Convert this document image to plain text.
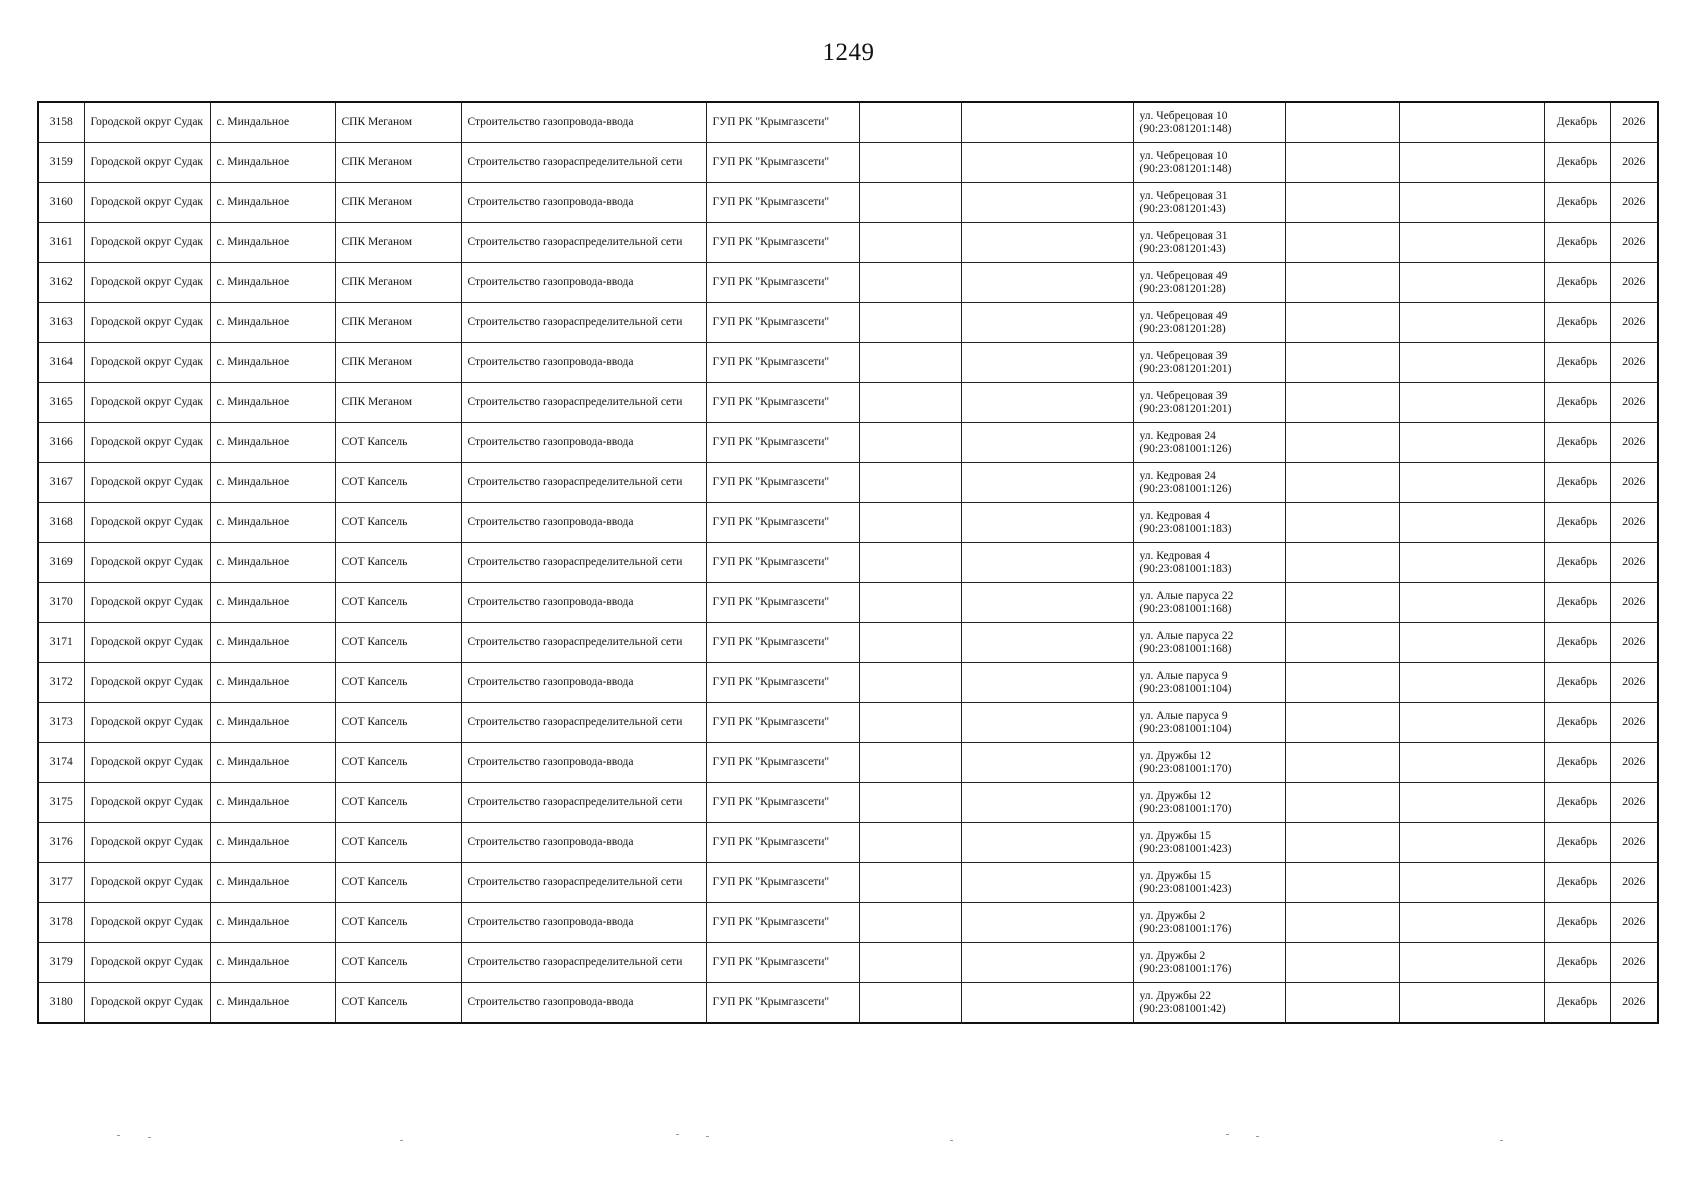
1249
3158	Городской округ Судак	с. Миндальное	СПК Меганом	Строительство газопровода-ввода	ГУП РК "Крымгазсети"			ул. Чебрецовая 10
(90:23:081201:148)			Декабрь	2026
3159	Городской округ Судак	с. Миндальное	СПК Меганом	Строительство газораспределительной сети	ГУП РК "Крымгазсети"			ул. Чебрецовая 10
(90:23:081201:148)			Декабрь	2026
3160	Городской округ Судак	с. Миндальное	СПК Меганом	Строительство газопровода-ввода	ГУП РК "Крымгазсети"			ул. Чебрецовая 31
(90:23:081201:43)			Декабрь	2026
3161	Городской округ Судак	с. Миндальное	СПК Меганом	Строительство газораспределительной сети	ГУП РК "Крымгазсети"			ул. Чебрецовая 31
(90:23:081201:43)			Декабрь	2026
3162	Городской округ Судак	с. Миндальное	СПК Меганом	Строительство газопровода-ввода	ГУП РК "Крымгазсети"			ул. Чебрецовая 49
(90:23:081201:28)			Декабрь	2026
3163	Городской округ Судак	с. Миндальное	СПК Меганом	Строительство газораспределительной сети	ГУП РК "Крымгазсети"			ул. Чебрецовая 49
(90:23:081201:28)			Декабрь	2026
3164	Городской округ Судак	с. Миндальное	СПК Меганом	Строительство газопровода-ввода	ГУП РК "Крымгазсети"			ул. Чебрецовая 39
(90:23:081201:201)			Декабрь	2026
3165	Городской округ Судак	с. Миндальное	СПК Меганом	Строительство газораспределительной сети	ГУП РК "Крымгазсети"			ул. Чебрецовая 39
(90:23:081201:201)			Декабрь	2026
3166	Городской округ Судак	с. Миндальное	СОТ Капсель	Строительство газопровода-ввода	ГУП РК "Крымгазсети"			ул. Кедровая 24
(90:23:081001:126)			Декабрь	2026
3167	Городской округ Судак	с. Миндальное	СОТ Капсель	Строительство газораспределительной сети	ГУП РК "Крымгазсети"			ул. Кедровая 24
(90:23:081001:126)			Декабрь	2026
3168	Городской округ Судак	с. Миндальное	СОТ Капсель	Строительство газопровода-ввода	ГУП РК "Крымгазсети"			ул. Кедровая 4
(90:23:081001:183)			Декабрь	2026
3169	Городской округ Судак	с. Миндальное	СОТ Капсель	Строительство газораспределительной сети	ГУП РК "Крымгазсети"			ул. Кедровая 4
(90:23:081001:183)			Декабрь	2026
3170	Городской округ Судак	с. Миндальное	СОТ Капсель	Строительство газопровода-ввода	ГУП РК "Крымгазсети"			ул. Алые паруса 22
(90:23:081001:168)			Декабрь	2026
3171	Городской округ Судак	с. Миндальное	СОТ Капсель	Строительство газораспределительной сети	ГУП РК "Крымгазсети"			ул. Алые паруса 22
(90:23:081001:168)			Декабрь	2026
3172	Городской округ Судак	с. Миндальное	СОТ Капсель	Строительство газопровода-ввода	ГУП РК "Крымгазсети"			ул. Алые паруса 9
(90:23:081001:104)			Декабрь	2026
3173	Городской округ Судак	с. Миндальное	СОТ Капсель	Строительство газораспределительной сети	ГУП РК "Крымгазсети"			ул. Алые паруса 9
(90:23:081001:104)			Декабрь	2026
3174	Городской округ Судак	с. Миндальное	СОТ Капсель	Строительство газопровода-ввода	ГУП РК "Крымгазсети"			ул. Дружбы 12
(90:23:081001:170)			Декабрь	2026
3175	Городской округ Судак	с. Миндальное	СОТ Капсель	Строительство газораспределительной сети	ГУП РК "Крымгазсети"			ул. Дружбы 12
(90:23:081001:170)			Декабрь	2026
3176	Городской округ Судак	с. Миндальное	СОТ Капсель	Строительство газопровода-ввода	ГУП РК "Крымгазсети"			ул. Дружбы 15
(90:23:081001:423)			Декабрь	2026
3177	Городской округ Судак	с. Миндальное	СОТ Капсель	Строительство газораспределительной сети	ГУП РК "Крымгазсети"			ул. Дружбы 15
(90:23:081001:423)			Декабрь	2026
3178	Городской округ Судак	с. Миндальное	СОТ Капсель	Строительство газопровода-ввода	ГУП РК "Крымгазсети"			ул. Дружбы 2
(90:23:081001:176)			Декабрь	2026
3179	Городской округ Судак	с. Миндальное	СОТ Капсель	Строительство газораспределительной сети	ГУП РК "Крымгазсети"			ул. Дружбы 2
(90:23:081001:176)			Декабрь	2026
3180	Городской округ Судак	с. Миндальное	СОТ Капсель	Строительство газопровода-ввода	ГУП РК "Крымгазсети"			ул. Дружбы 22
(90:23:081001:42)			Декабрь	2026
